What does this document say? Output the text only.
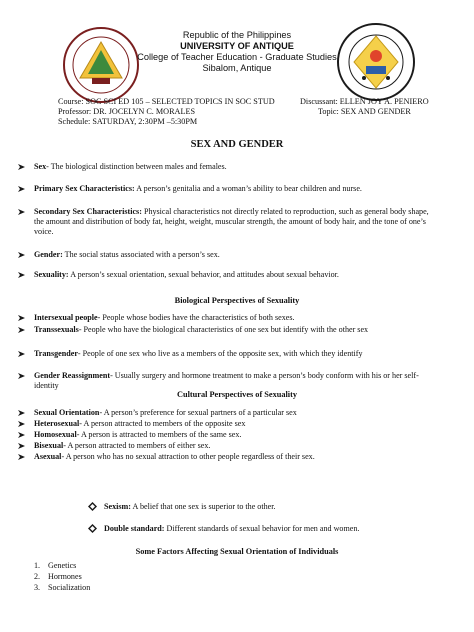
Republic of the Philippines
UNIVERSITY OF ANTIQUE
College of Teacher Education - Graduate Studies
Sibalom, Antique
Course: SOC SCI ED 105 – SELECTED TOPICS IN SOC STUD
Professor: DR. JOCELYN C. MORALES
Schedule: SATURDAY, 2:30PM –5:30PM
Discussant: ELLEN JOY A. PENIERO
Topic: SEX AND GENDER
SEX AND GENDER
Sex- The biological distinction between males and females.
Primary Sex Characteristics: A person’s genitalia and a woman’s ability to bear children and nurse.
Secondary Sex Characteristics: Physical characteristics not directly related to reproduction, such as general body shape, the amount and distribution of body fat, height, weight, muscular strength, the amount of body hair, and the tone of one’s voice.
Gender: The social status associated with a person’s sex.
Sexuality: A person’s sexual orientation, sexual behavior, and attitudes about sexual behavior.
Biological Perspectives of Sexuality
Intersexual people- People whose bodies have the characteristics of both sexes.
Transsexuals- People who have the biological characteristics of one sex but identify with the other sex
Transgender- People of one sex who live as a members of the opposite sex, with which they identify
Gender Reassignment- Usually surgery and hormone treatment to make a person’s body conform with his or her self- identity
Cultural Perspectives of Sexuality
Sexual Orientation- A person’s preference for sexual partners of a particular sex
Heterosexual- A person attracted to members of the opposite sex
Homosexual- A person is attracted to members of the same sex.
Bisexual- A person attracted to members of either sex.
Asexual- A person who has no sexual attraction to other people regardless of their sex.
Sexism: A belief that one sex is superior to the other.
Double standard: Different standards of sexual behavior for men and women.
Some Factors Affecting Sexual Orientation of Individuals
1. Genetics
2. Hormones
3. Socialization
